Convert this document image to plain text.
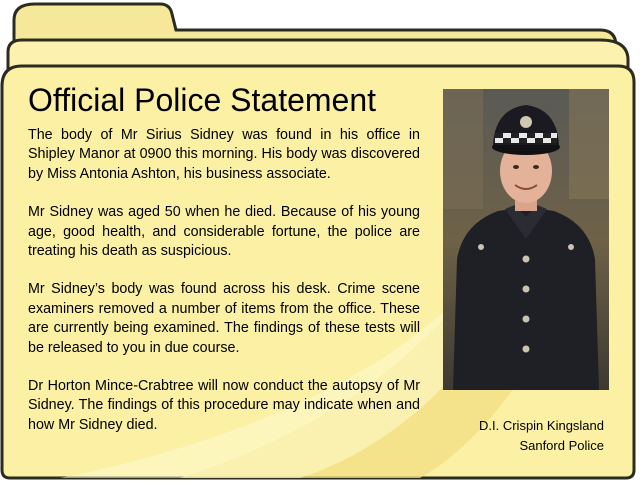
Official Police Statement

The body of Mr Sirius Sidney was found in his office in Shipley Manor at 0900 this morning. His body was discovered by Miss Antonia Ashton, his business associate.

Mr Sidney was aged 50 when he died. Because of his young age, good health, and considerable fortune, the police are treating his death as suspicious.

Mr Sidney’s body was found across his desk. Crime scene examiners removed a number of items from the office. These are currently being examined. The findings of these tests will be released to you in due course.

Dr Horton Mince-Crabtree will now conduct the autopsy of Mr Sidney. The findings of this procedure may indicate when and how Mr Sidney died.	D.I. Crispin Kingsland
Sanford Police
